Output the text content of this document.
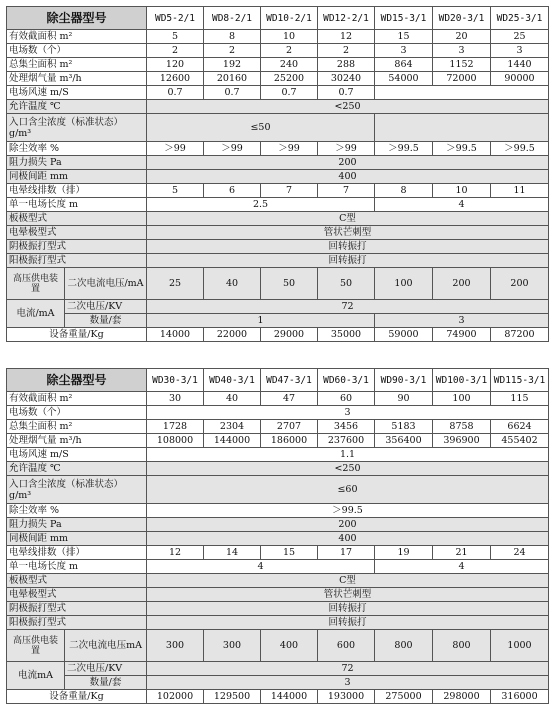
除尘器型号		WD5-2/1	WD8-2/1	WD10-2/1	WD12-2/1	WD15-3/1	WD20-3/1	WD25-3/1
有效截面积 m²		5	8	10	12	15	20	25
电场数（个）		2	2	2	2	3	3	3
总集尘面积 m²		120	192	240	288	864	1152	1440
处理烟气量 m³/h		12600	20160	25200	30240	54000	72000	90000
电场风速 m/S		0.7	0.7	0.7	0.7			
允许温度 ℃		<250						
入口含尘浓度（标准状态）g/m³		≤50						
除尘效率 %		＞99	＞99	＞99	＞99	＞99.5	＞99.5	＞99.5
阻力损失 Pa		200						
同极间距 mm		400						
电晕线排数（排）		5	6	7	7	8	10	11
单一电场长度 m		2.5				4		
板极型式		C型						
电晕极型式		管状芒刺型						
阴极振打型式		回转振打						
阳极振打型式		回转振打						
高压供电装置	二次电流电压/mA	25	40	50	50	100	200	200
电流/mA	二次电压/KV	72						
	数量/套	1				3		
设备重量/Kg		14000	22000	29000	35000	59000	74900	87200
除尘器型号		WD30-3/1	WD40-3/1	WD47-3/1	WD60-3/1	WD90-3/1	WD100-3/1	WD115-3/1
有效截面积 m²		30	40	47	60	90	100	115
电场数（个）		3						
总集尘面积 m²		1728	2304	2707	3456	5183	8758	6624
处理烟气量 m³/h		108000	144000	186000	237600	356400	396900	455402
电场风速 m/S		1.1						
允许温度 ℃		<250						
入口含尘浓度（标准状态）g/m³		≤60						
除尘效率 %		＞99.5						
阻力损失 Pa		200						
同极间距 mm		400						
电晕线排数（排）		12	14	15	17	19	21	24
单一电场长度 m		4				4		
板极型式		C型						
电晕极型式		管状芒刺型						
阴极振打型式		回转振打						
阳极振打型式		回转振打						
高压供电装置	二次电流电压mA	300	300	400	600	800	800	1000
电流mA	二次电压/KV	72						
	数量/套	3						
设备重量/Kg		102000	129500	144000	193000	275000	298000	316000
